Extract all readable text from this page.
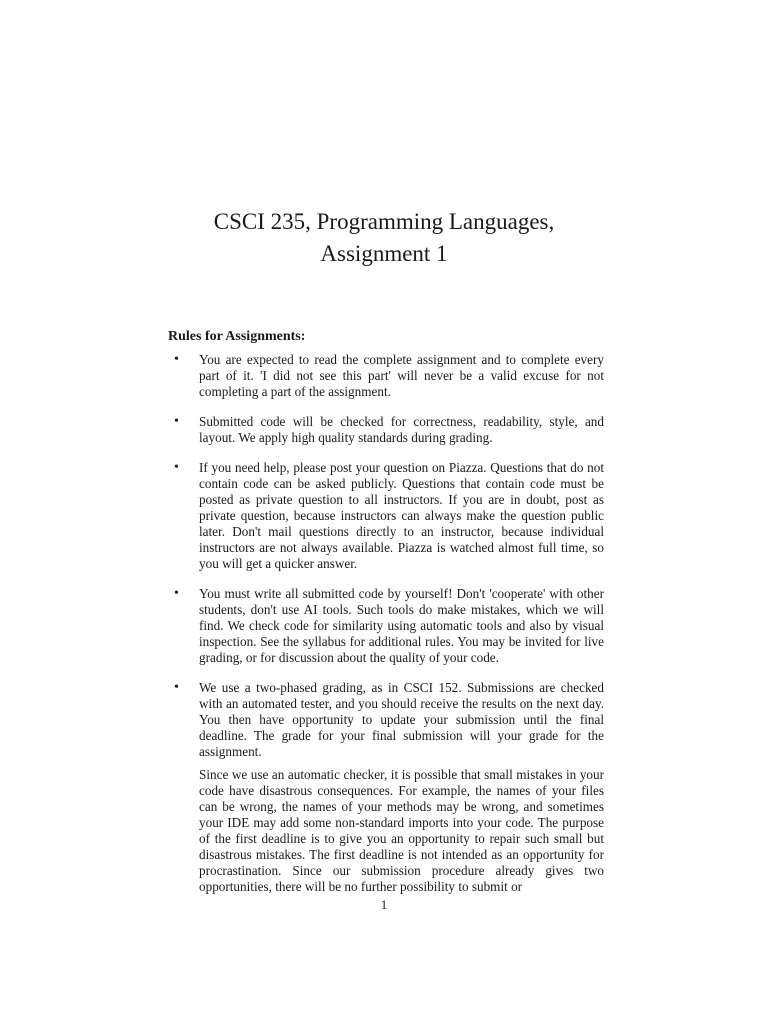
CSCI 235, Programming Languages,
Assignment 1
Rules for Assignments:
• You are expected to read the complete assignment and to complete every part of it. 'I did not see this part' will never be a valid excuse for not completing a part of the assignment.

• Submitted code will be checked for correctness, readability, style, and layout. We apply high quality standards during grading.

• If you need help, please post your question on Piazza. Questions that do not contain code can be asked publicly. Questions that contain code must be posted as private question to all instructors. If you are in doubt, post as private question, because instructors can always make the question public later. Don't mail questions directly to an instructor, because individual instructors are not always available. Piazza is watched almost full time, so you will get a quicker answer.

• You must write all submitted code by yourself! Don't 'cooperate' with other students, don't use AI tools. Such tools do make mistakes, which we will find. We check code for similarity using automatic tools and also by visual inspection. See the syllabus for additional rules. You may be invited for live grading, or for discussion about the quality of your code.

• We use a two-phased grading, as in CSCI 152. Submissions are checked with an automated tester, and you should receive the results on the next day. You then have opportunity to update your submission until the final deadline. The grade for your final submission will your grade for the assignment.

Since we use an automatic checker, it is possible that small mistakes in your code have disastrous consequences. For example, the names of your files can be wrong, the names of your methods may be wrong, and sometimes your IDE may add some non-standard imports into your code. The purpose of the first deadline is to give you an opportunity to repair such small but disastrous mistakes. The first deadline is not intended as an opportunity for procrastination. Since our submission procedure already gives two opportunities, there will be no further possibility to submit or

1
